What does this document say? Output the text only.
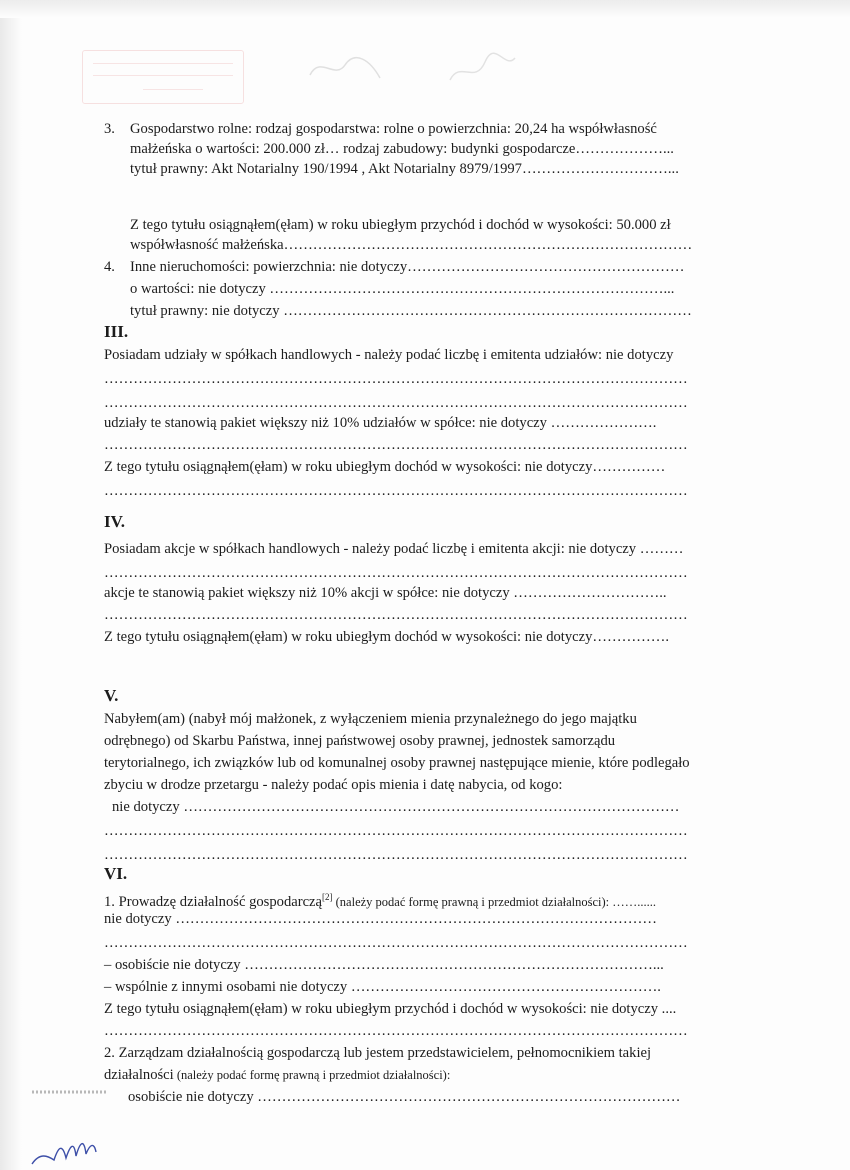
3. Gospodarstwo rolne: rodzaj gospodarstwa: rolne o powierzchnia: 20,24 ha współwłasność
małżeńska o wartości: 200.000 zł… rodzaj zabudowy: budynki gospodarcze………………...
tytuł prawny: Akt Notarialny 190/1994 , Akt Notarialny 8979/1997…………………………...
Z tego tytułu osiągnąłem(ęłam) w roku ubiegłym przychód i dochód w wysokości: 50.000 zł
współwłasność małżeńska…………………………………………………………………………
4. Inne nieruchomości: powierzchnia: nie dotyczy…………………………………………………
o wartości: nie dotyczy ………………………………………………………………………...
tytuł prawny: nie dotyczy …………………………………………………………………………
III.
Posiadam udziały w spółkach handlowych - należy podać liczbę i emitenta udziałów: nie dotyczy
…………………………………………………………………………………………………………
…………………………………………………………………………………………………………
udziały te stanowią pakiet większy niż 10% udziałów w spółce: nie dotyczy ………………….
…………………………………………………………………………………………………………
Z tego tytułu osiągnąłem(ęłam) w roku ubiegłym dochód w wysokości: nie dotyczy……………
…………………………………………………………………………………………………………
IV.
Posiadam akcje w spółkach handlowych - należy podać liczbę i emitenta akcji: nie dotyczy ………
…………………………………………………………………………………………………………
akcje te stanowią pakiet większy niż 10% akcji w spółce: nie dotyczy …………………………..
…………………………………………………………………………………………………………
Z tego tytułu osiągnąłem(ęłam) w roku ubiegłym dochód w wysokości: nie dotyczy…………….
V.
Nabyłem(am) (nabył mój małżonek, z wyłączeniem mienia przynależnego do jego majątku
odrębnego) od Skarbu Państwa, innej państwowej osoby prawnej, jednostek samorządu
terytorialnego, ich związków lub od komunalnej osoby prawnej następujące mienie, które podlegało
zbyciu w drodze przetargu - należy podać opis mienia i datę nabycia, od kogo:
nie dotyczy …………………………………………………………………………………………
…………………………………………………………………………………………………………
…………………………………………………………………………………………………………
VI.
1. Prowadzę działalność gospodarczą[2] (należy podać formę prawną i przedmiot działalności): ……......
nie dotyczy ………………………………………………………………………………………
…………………………………………………………………………………………………………
– osobiście nie dotyczy …………………………………………………………………………...
– wspólnie z innymi osobami nie dotyczy ……………………………………………………….
Z tego tytułu osiągnąłem(ęłam) w roku ubiegłym przychód i dochód w wysokości: nie dotyczy ....
…………………………………………………………………………………………………………
2. Zarządzam działalnością gospodarczą lub jestem przedstawicielem, pełnomocnikiem takiej
działalności (należy podać formę prawną i przedmiot działalności):
osobiście nie dotyczy ……………………………………………………………………………
